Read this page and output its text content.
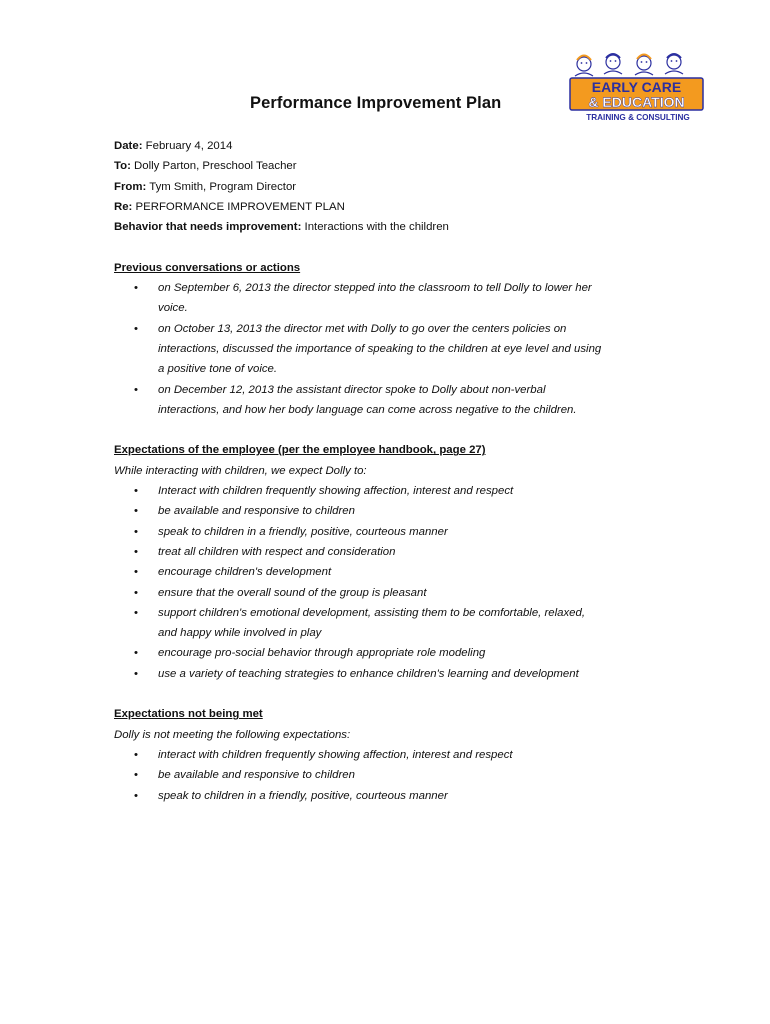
EARLY CARE
& EDUCATION
TRAINING & CONSULTING
Performance Improvement Plan
Date: February 4, 2014
To: Dolly Parton, Preschool Teacher
From: Tym Smith, Program Director
Re: PERFORMANCE IMPROVEMENT PLAN
Behavior that needs improvement: Interactions with the children
Previous conversations or actions
• on September 6, 2013 the director stepped into the classroom to tell Dolly to lower her
voice.
• on October 13, 2013 the director met with Dolly to go over the centers policies on
interactions, discussed the importance of speaking to the children at eye level and using
a positive tone of voice.
• on December 12, 2013 the assistant director spoke to Dolly about non-verbal
interactions, and how her body language can come across negative to the children.
Expectations of the employee (per the employee handbook, page 27)
While interacting with children, we expect Dolly to:
• Interact with children frequently showing affection, interest and respect
• be available and responsive to children
• speak to children in a friendly, positive, courteous manner
• treat all children with respect and consideration
• encourage children's development
• ensure that the overall sound of the group is pleasant
• support children's emotional development, assisting them to be comfortable, relaxed,
and happy while involved in play
• encourage pro-social behavior through appropriate role modeling
• use a variety of teaching strategies to enhance children's learning and development
Expectations not being met
Dolly is not meeting the following expectations:
• interact with children frequently showing affection, interest and respect
• be available and responsive to children
• speak to children in a friendly, positive, courteous manner
